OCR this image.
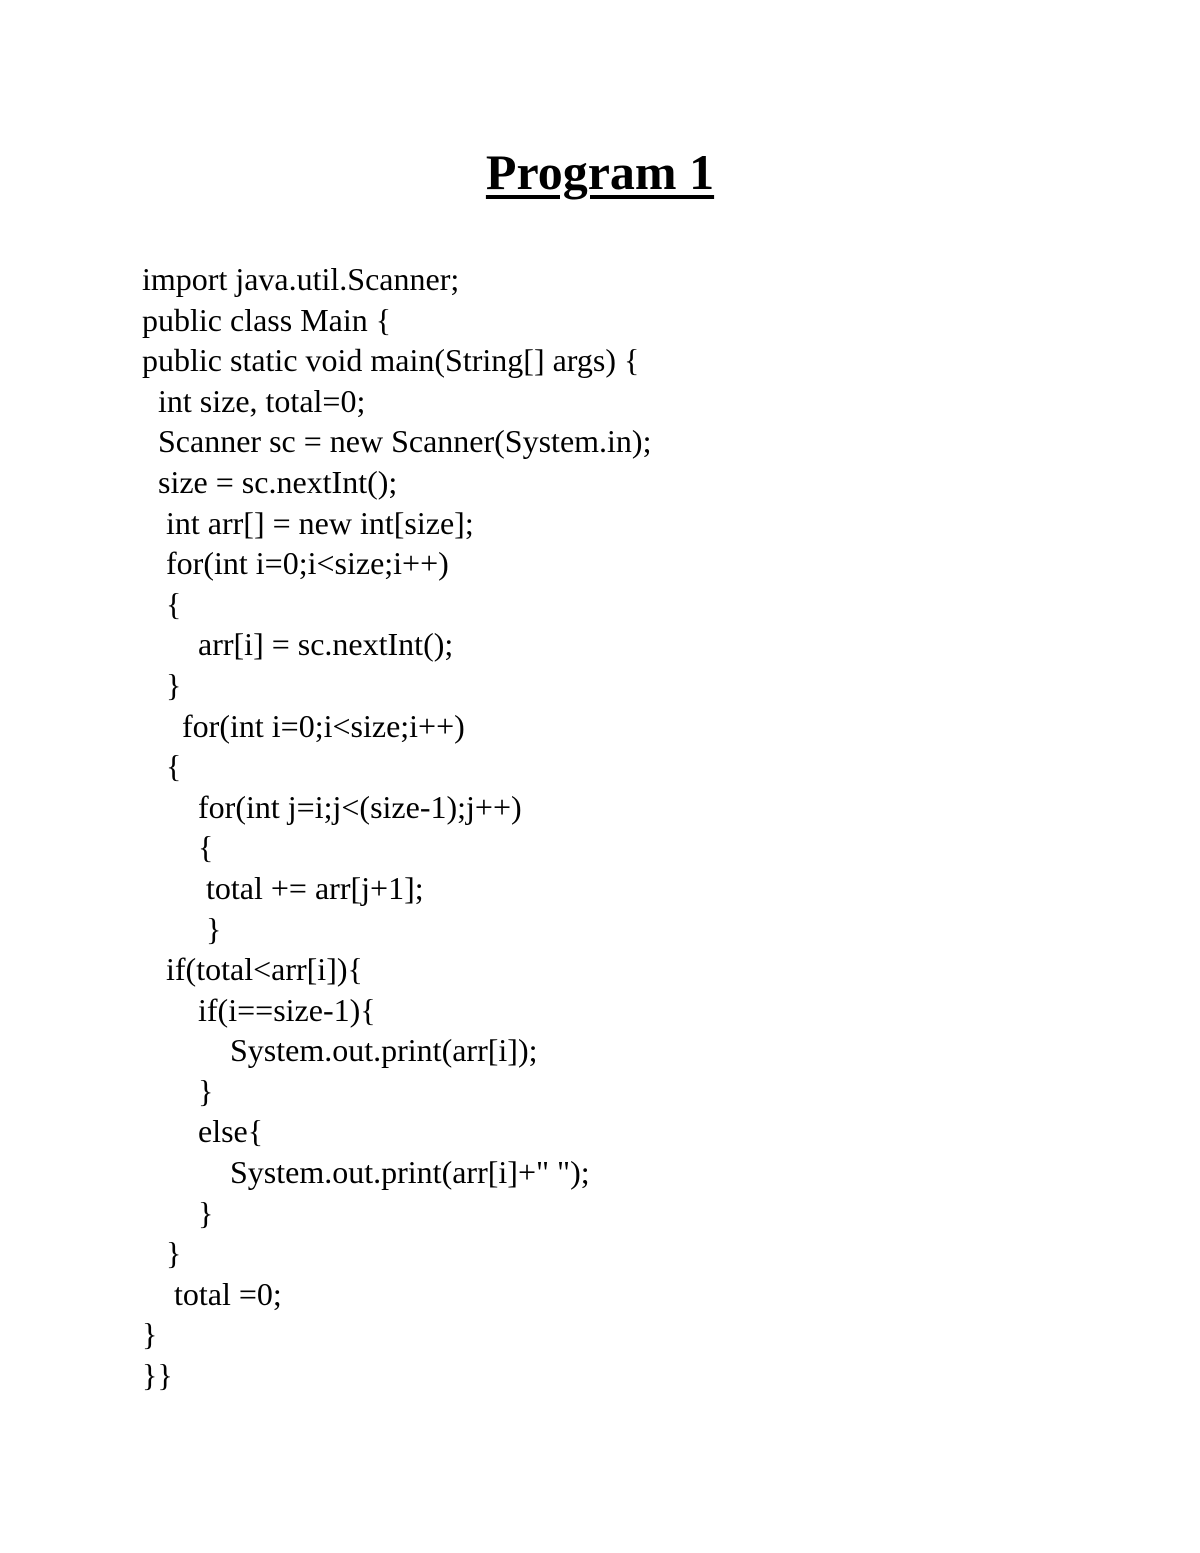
Program 1
import java.util.Scanner;
public class Main {
public static void main(String[] args) {
int size, total=0;
Scanner sc = new Scanner(System.in);
size = sc.nextInt();
int arr[] = new int[size];
for(int i=0;i<size;i++)
{
arr[i] = sc.nextInt();
}
for(int i=0;i<size;i++)
{
for(int j=i;j<(size-1);j++)
{
total += arr[j+1];
}
if(total<arr[i]){
if(i==size-1){
System.out.print(arr[i]);
}
else{
System.out.print(arr[i]+" ");
}
}
total =0;
}
}}
